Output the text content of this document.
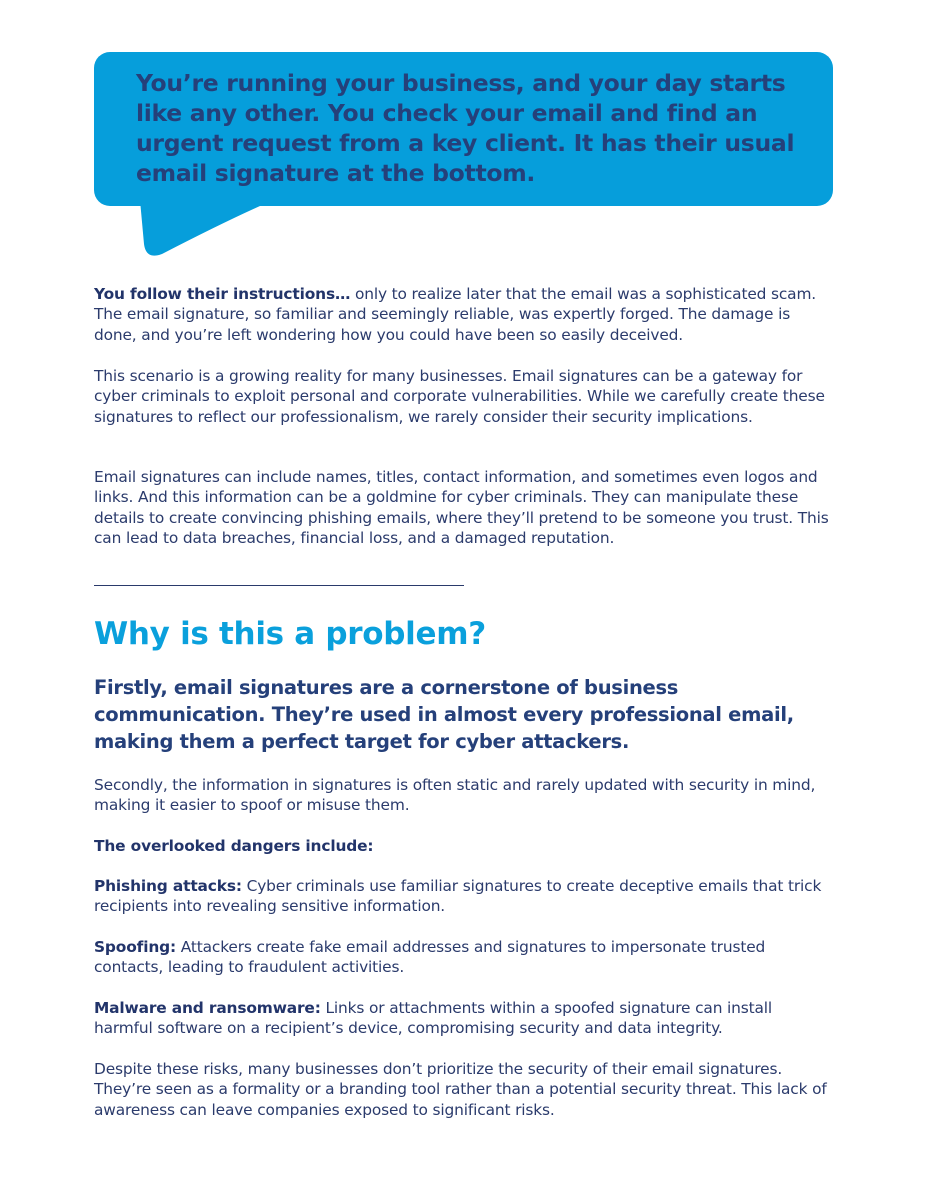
You’re running your business, and your day starts like any other. You check your email and find an urgent request from a key client. It has their usual email signature at the bottom.

You follow their instructions… only to realize later that the email was a sophisticated scam. The email signature, so familiar and seemingly reliable, was expertly forged. The damage is done, and you’re left wondering how you could have been so easily deceived.

This scenario is a growing reality for many businesses. Email signatures can be a gateway for cyber criminals to exploit personal and corporate vulnerabilities. While we carefully create these signatures to reflect our professionalism, we rarely consider their security implications.

Email signatures can include names, titles, contact information, and sometimes even logos and links. And this information can be a goldmine for cyber criminals. They can manipulate these details to create convincing phishing emails, where they’ll pretend to be someone you trust. This can lead to data breaches, financial loss, and a damaged reputation.

Why is this a problem?

Firstly, email signatures are a cornerstone of business communication. They’re used in almost every professional email, making them a perfect target for cyber attackers.

Secondly, the information in signatures is often static and rarely updated with security in mind, making it easier to spoof or misuse them.

The overlooked dangers include:

Phishing attacks: Cyber criminals use familiar signatures to create deceptive emails that trick recipients into revealing sensitive information.

Spoofing: Attackers create fake email addresses and signatures to impersonate trusted contacts, leading to fraudulent activities.

Malware and ransomware: Links or attachments within a spoofed signature can install harmful software on a recipient’s device, compromising security and data integrity.

Despite these risks, many businesses don’t prioritize the security of their email signatures. They’re seen as a formality or a branding tool rather than a potential security threat. This lack of awareness can leave companies exposed to significant risks.
